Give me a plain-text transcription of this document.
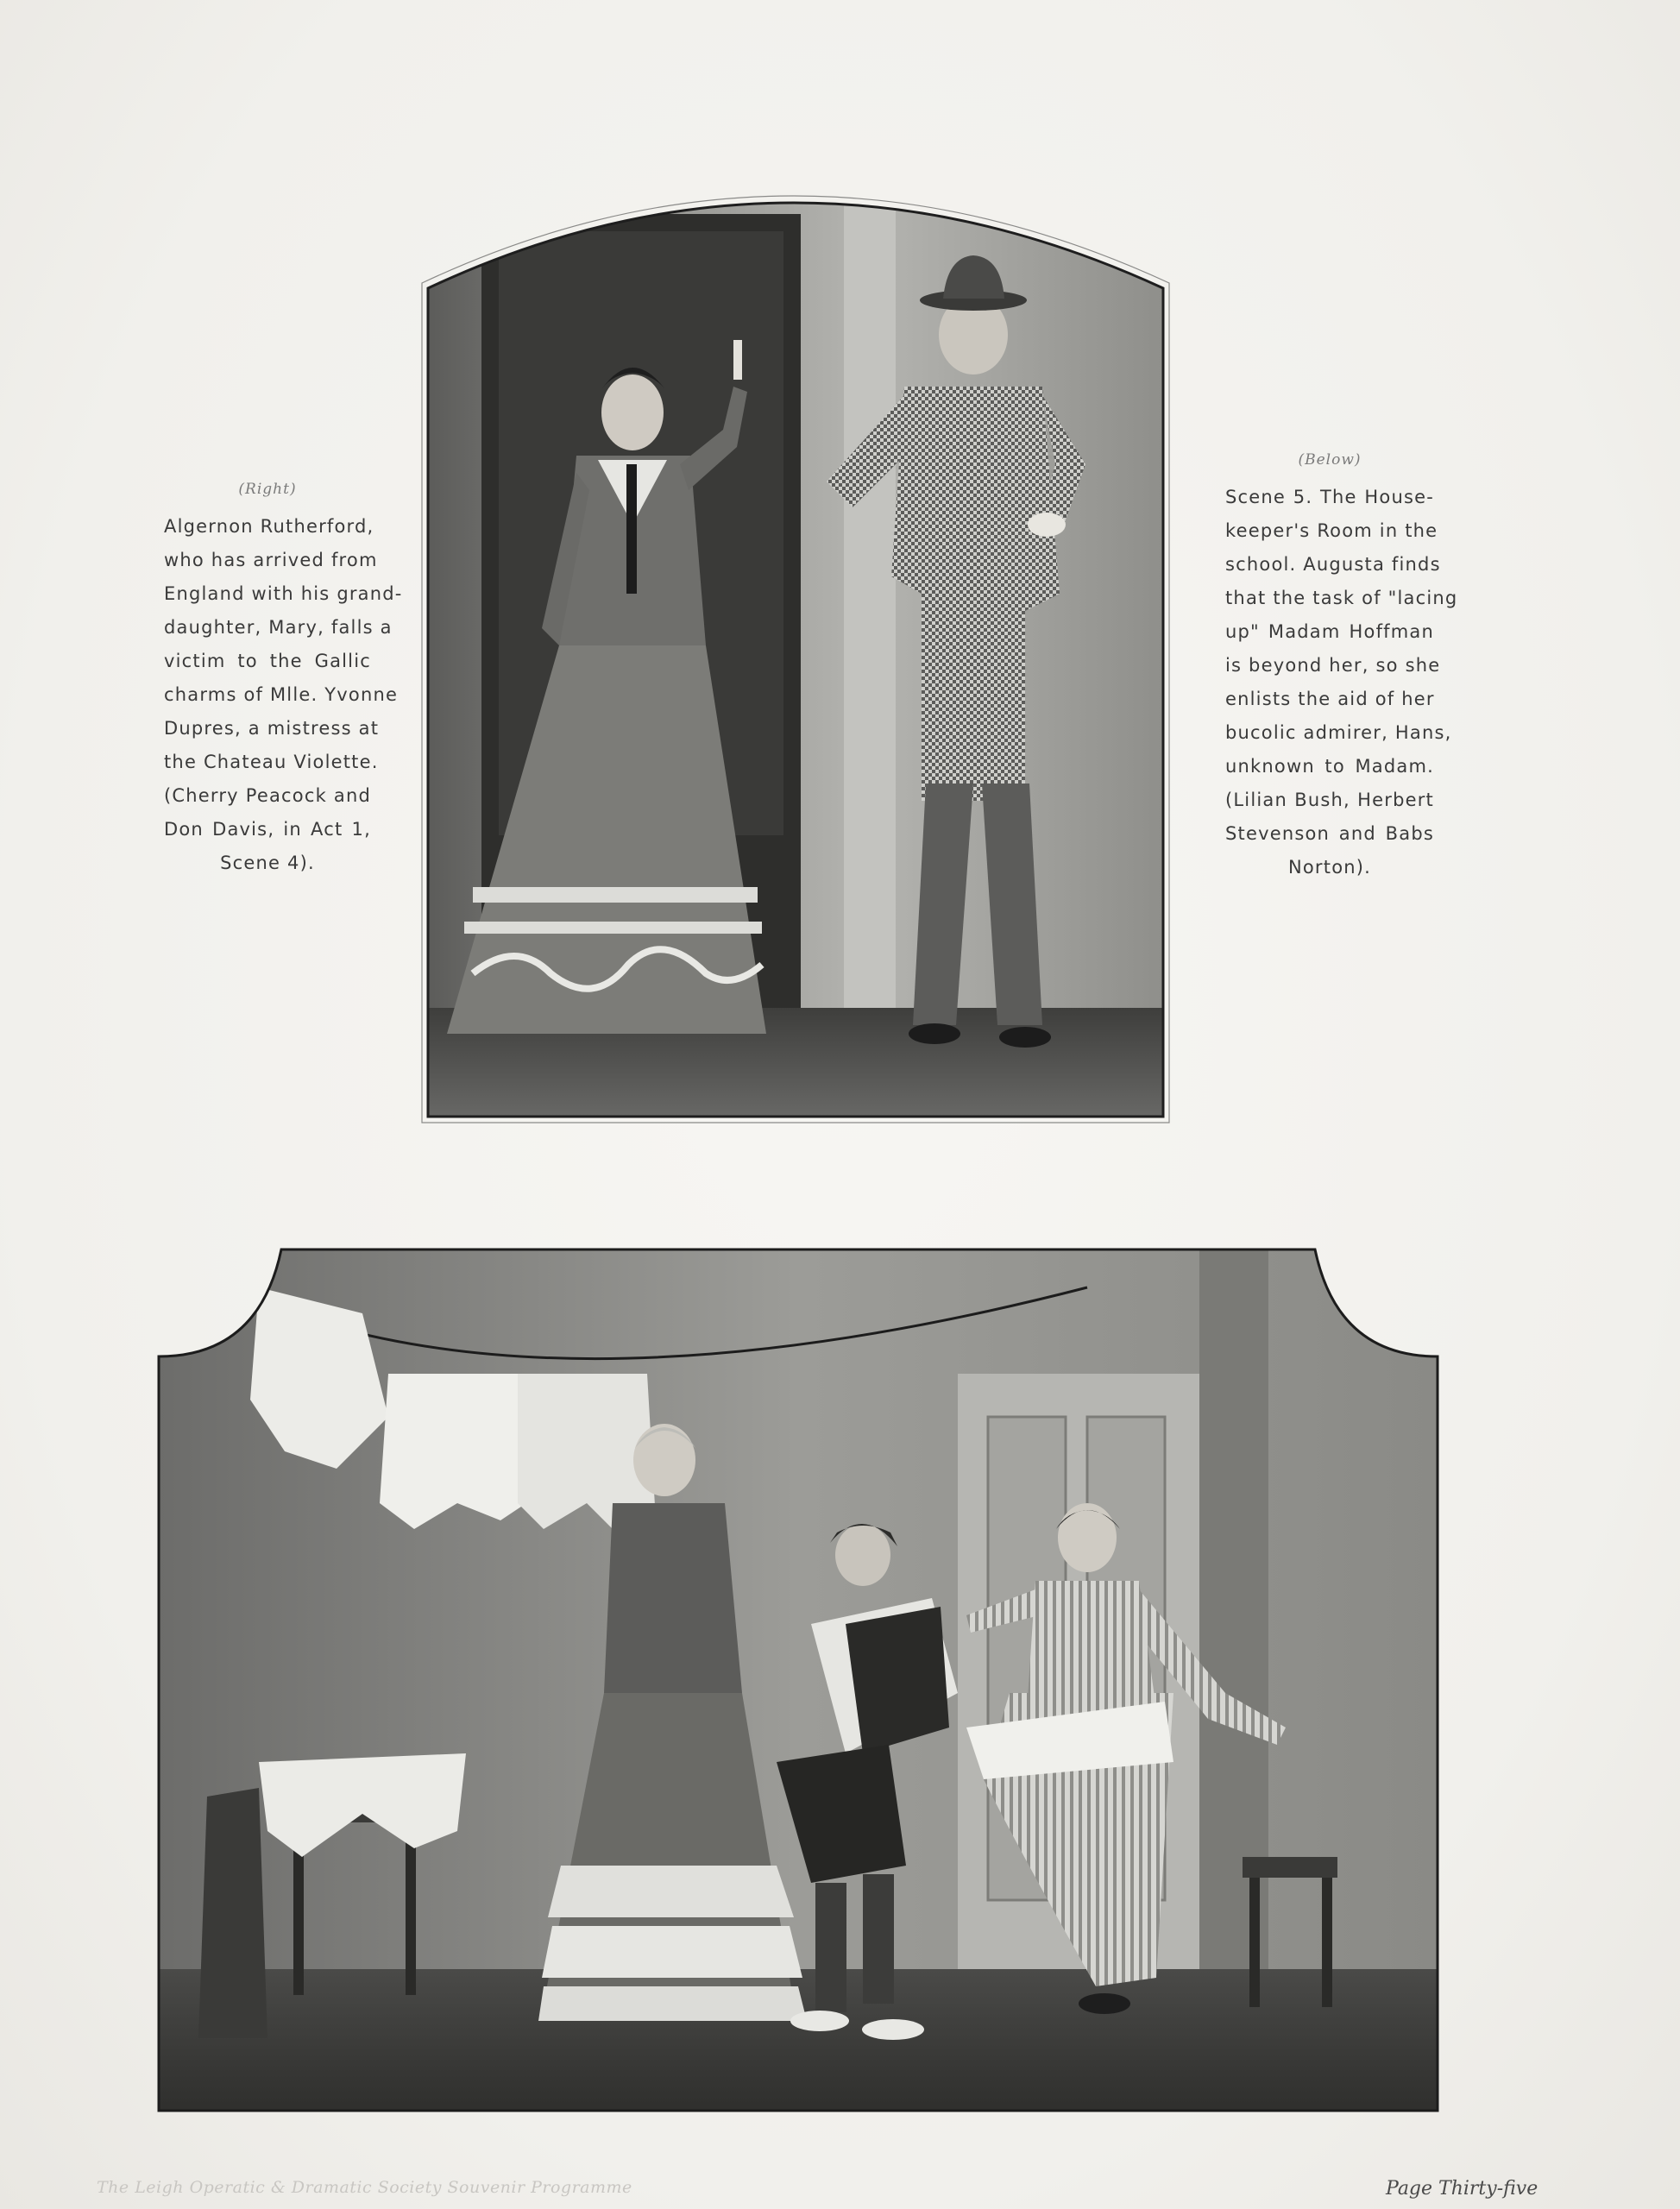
(Right)
Algernon Rutherford,
who has arrived from
England with his grand-
daughter, Mary, falls a
victim to the Gallic
charms of Mlle. Yvonne
Dupres, a mistress at
the Chateau Violette.
(Cherry Peacock and
Don Davis, in Act 1,
Scene 4).
(Below)
Scene 5. The House-
keeper's Room in the
school. Augusta finds
that the task of "lacing
up" Madam Hoffman
is beyond her, so she
enlists the aid of her
bucolic admirer, Hans,
unknown to Madam.
(Lilian Bush, Herbert
Stevenson and Babs
Norton).
The Leigh Operatic & Dramatic Society Souvenir Programme	Page Thirty-five
